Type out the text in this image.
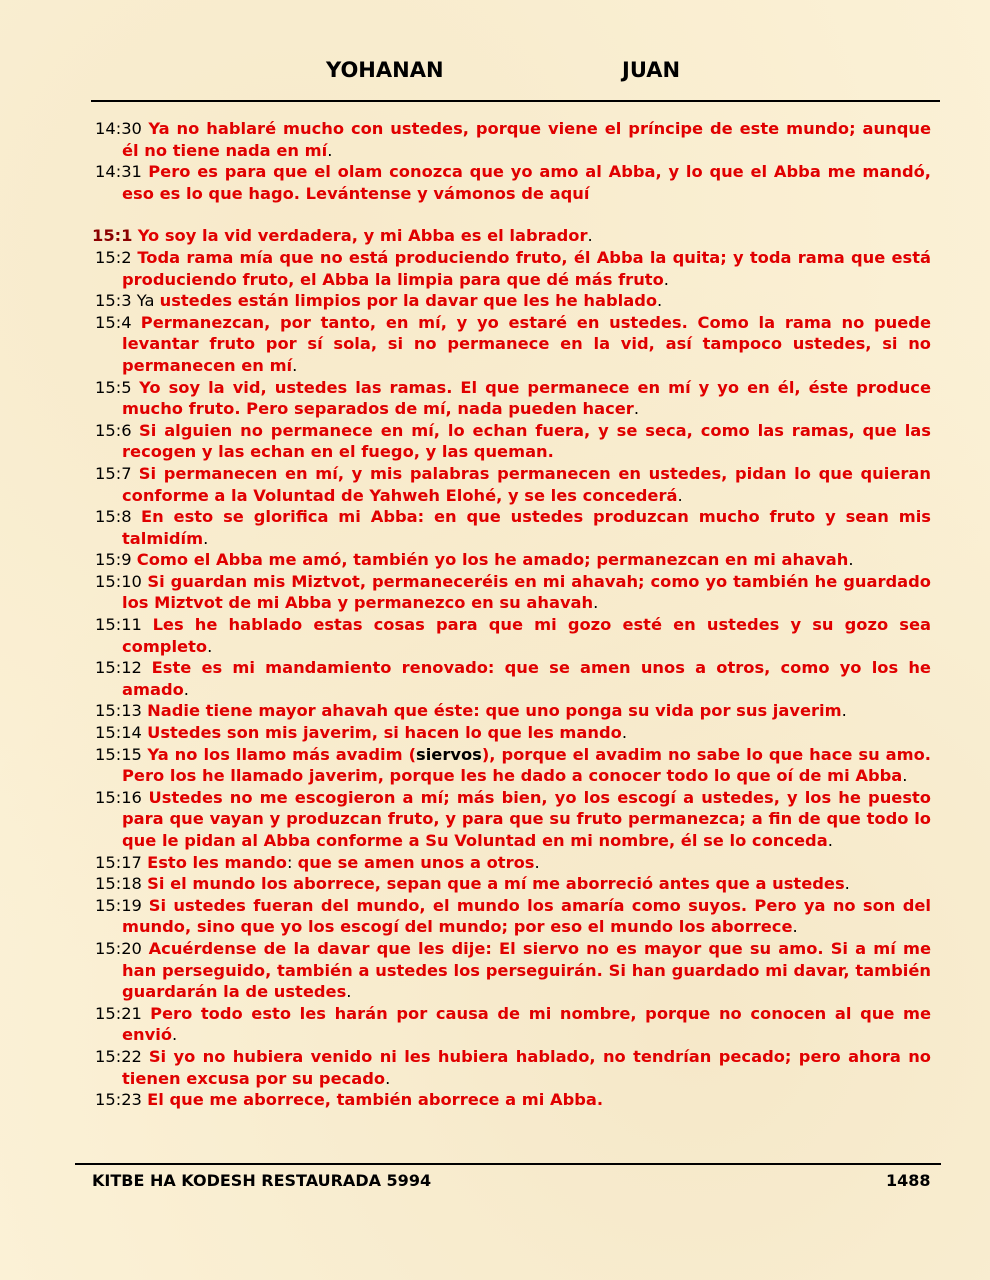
YOHANAN	JUAN
14:30 Ya no hablaré mucho con ustedes, porque viene el príncipe de este mundo; aunque él no tiene nada en mí.
14:31 Pero es para que el olam conozca que yo amo al Abba, y lo que el Abba me mandó, eso es lo que hago. Levántense y vámonos de aquí
15:1 Yo soy la vid verdadera, y mi Abba es el labrador.
15:2 Toda rama mía que no está produciendo fruto, él Abba la quita; y toda rama que está produciendo fruto, el Abba la limpia para que dé más fruto.
15:3 Ya ustedes están limpios por la davar que les he hablado.
15:4 Permanezcan, por tanto, en mí, y yo estaré en ustedes. Como la rama no puede levantar fruto por sí sola, si no permanece en la vid, así tampoco ustedes, si no permanecen en mí.
15:5 Yo soy la vid, ustedes las ramas. El que permanece en mí y yo en él, éste produce mucho fruto. Pero separados de mí, nada pueden hacer.
15:6 Si alguien no permanece en mí, lo echan fuera, y se seca, como las ramas, que las recogen y las echan en el fuego, y las queman.
15:7 Si permanecen en mí, y mis palabras permanecen en ustedes, pidan lo que quieran conforme a la Voluntad de Yahweh Elohé, y se les concederá.
15:8 En esto se glorifica mi Abba: en que ustedes produzcan mucho fruto y sean mis talmidím.
15:9 Como el Abba me amó, también yo los he amado; permanezcan en mi ahavah.
15:10 Si guardan mis Miztvot, permaneceréis en mi ahavah; como yo también he guardado los Miztvot de mi Abba y permanezco en su ahavah.
15:11 Les he hablado estas cosas para que mi gozo esté en ustedes y su gozo sea completo.
15:12 Este es mi mandamiento renovado: que se amen unos a otros, como yo los he amado.
15:13 Nadie tiene mayor ahavah que éste: que uno ponga su vida por sus javerim.
15:14 Ustedes son mis javerim, si hacen lo que les mando.
15:15 Ya no los llamo más avadim (siervos), porque el avadim no sabe lo que hace su amo. Pero los he llamado javerim, porque les he dado a conocer todo lo que oí de mi Abba.
15:16 Ustedes no me escogieron a mí; más bien, yo los escogí a ustedes, y los he puesto para que vayan y produzcan fruto, y para que su fruto permanezca; a fin de que todo lo que le pidan al Abba conforme a Su Voluntad en mi nombre, él se lo conceda.
15:17 Esto les mando: que se amen unos a otros.
15:18 Si el mundo los aborrece, sepan que a mí me aborreció antes que a ustedes.
15:19 Si ustedes fueran del mundo, el mundo los amaría como suyos. Pero ya no son del mundo, sino que yo los escogí del mundo; por eso el mundo los aborrece.
15:20 Acuérdense de la davar que les dije: El siervo no es mayor que su amo. Si a mí me han perseguido, también a ustedes los perseguirán. Si han guardado mi davar, también guardarán la de ustedes.
15:21 Pero todo esto les harán por causa de mi nombre, porque no conocen al que me envió.
15:22 Si yo no hubiera venido ni les hubiera hablado, no tendrían pecado; pero ahora no tienen excusa por su pecado.
15:23 El que me aborrece, también aborrece a mi Abba.
KITBE HA KODESH RESTAURADA 5994	1488
